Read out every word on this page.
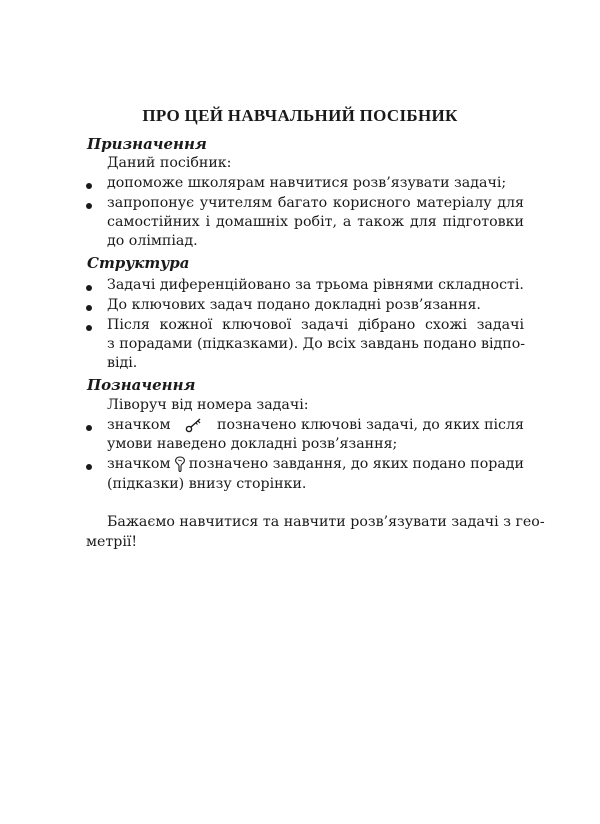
ПРО ЦЕЙ НАВЧАЛЬНИЙ ПОСІБНИК
Призначення
Даний посібник:
допоможе школярам навчитися розв’язувати задачі;
запропонує учителям багато корисного матеріалу для
самостійних і домашніх робіт, а також для підготовки
до олімпіад.
Структура
Задачі диференційовано за трьома рівнями складності.
До ключових задач подано докладні розв’язання.
Після кожної ключової задачі дібрано схожі задачі
з порадами (підказками). До всіх завдань подано відпо-
віді.
Позначення
Ліворуч від номера задачі:
значком	позначено ключові задачі, до яких після
умови наведено докладні розв’язання;
значком позначено завдання, до яких подано поради
(підказки) внизу сторінки.
Бажаємо навчитися та навчити розв’язувати задачі з гео-
метрії!
